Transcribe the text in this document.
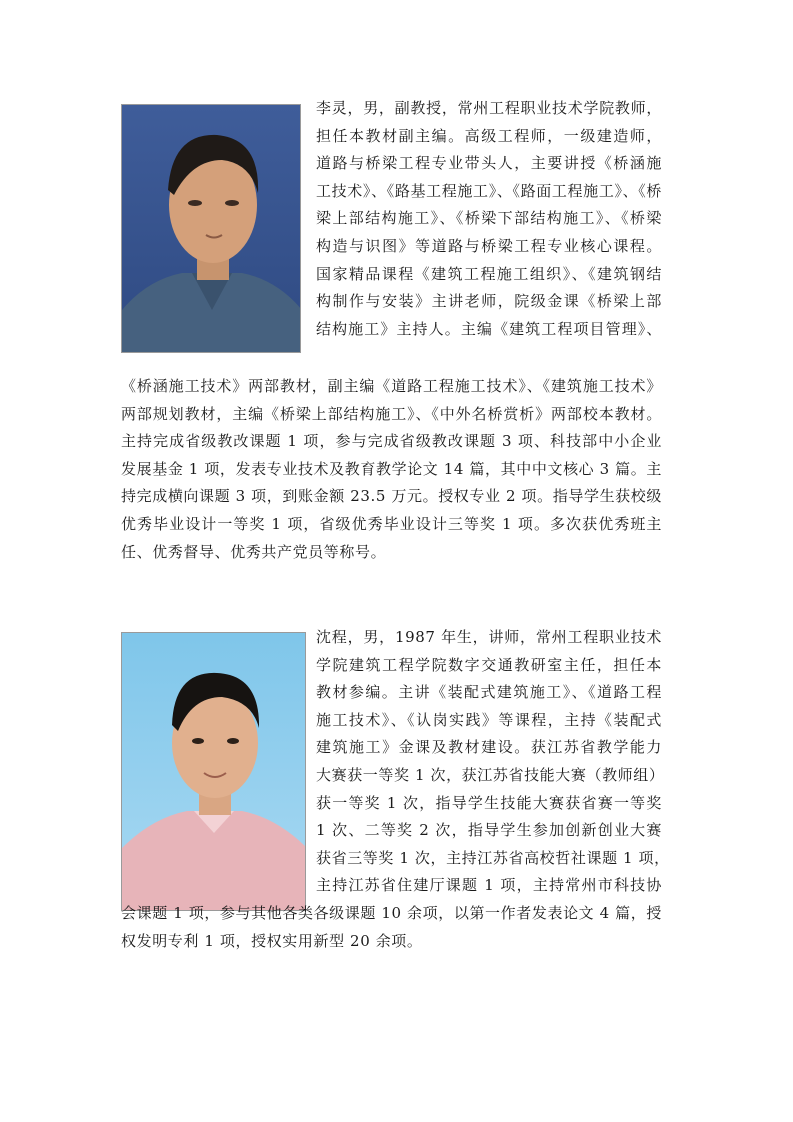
李灵，男，副教授，常州工程职业技术学院教师，
担任本教材副主编。高级工程师，一级建造师，
道路与桥梁工程专业带头人，主要讲授《桥涵施
工技术》、《路基工程施工》、《路面工程施工》、《桥
梁上部结构施工》、《桥梁下部结构施工》、《桥梁
构造与识图》等道路与桥梁工程专业核心课程。
国家精品课程《建筑工程施工组织》、《建筑钢结
构制作与安装》主讲老师，院级金课《桥梁上部
结构施工》主持人。主编《建筑工程项目管理》、
《桥涵施工技术》两部教材，副主编《道路工程施工技术》、《建筑施工技术》
两部规划教材，主编《桥梁上部结构施工》、《中外名桥赏析》两部校本教材。
主持完成省级教改课题 1 项，参与完成省级教改课题 3 项、科技部中小企业
发展基金 1 项，发表专业技术及教育教学论文 14 篇，其中中文核心 3 篇。主
持完成横向课题 3 项，到账金额 23.5 万元。授权专业 2 项。指导学生获校级
优秀毕业设计一等奖 1 项，省级优秀毕业设计三等奖 1 项。多次获优秀班主
任、优秀督导、优秀共产党员等称号。
沈程，男，1987 年生，讲师，常州工程职业技术
学院建筑工程学院数字交通教研室主任，担任本
教材参编。主讲《装配式建筑施工》、《道路工程
施工技术》、《认岗实践》等课程，主持《装配式
建筑施工》金课及教材建设。获江苏省教学能力
大赛获一等奖 1 次，获江苏省技能大赛（教师组）
获一等奖 1 次，指导学生技能大赛获省赛一等奖
1 次、二等奖 2 次，指导学生参加创新创业大赛
获省三等奖 1 次，主持江苏省高校哲社课题 1 项，
主持江苏省住建厅课题 1 项，主持常州市科技协
会课题 1 项，参与其他各类各级课题 10 余项，以第一作者发表论文 4 篇，授
权发明专利 1 项，授权实用新型 20 余项。
